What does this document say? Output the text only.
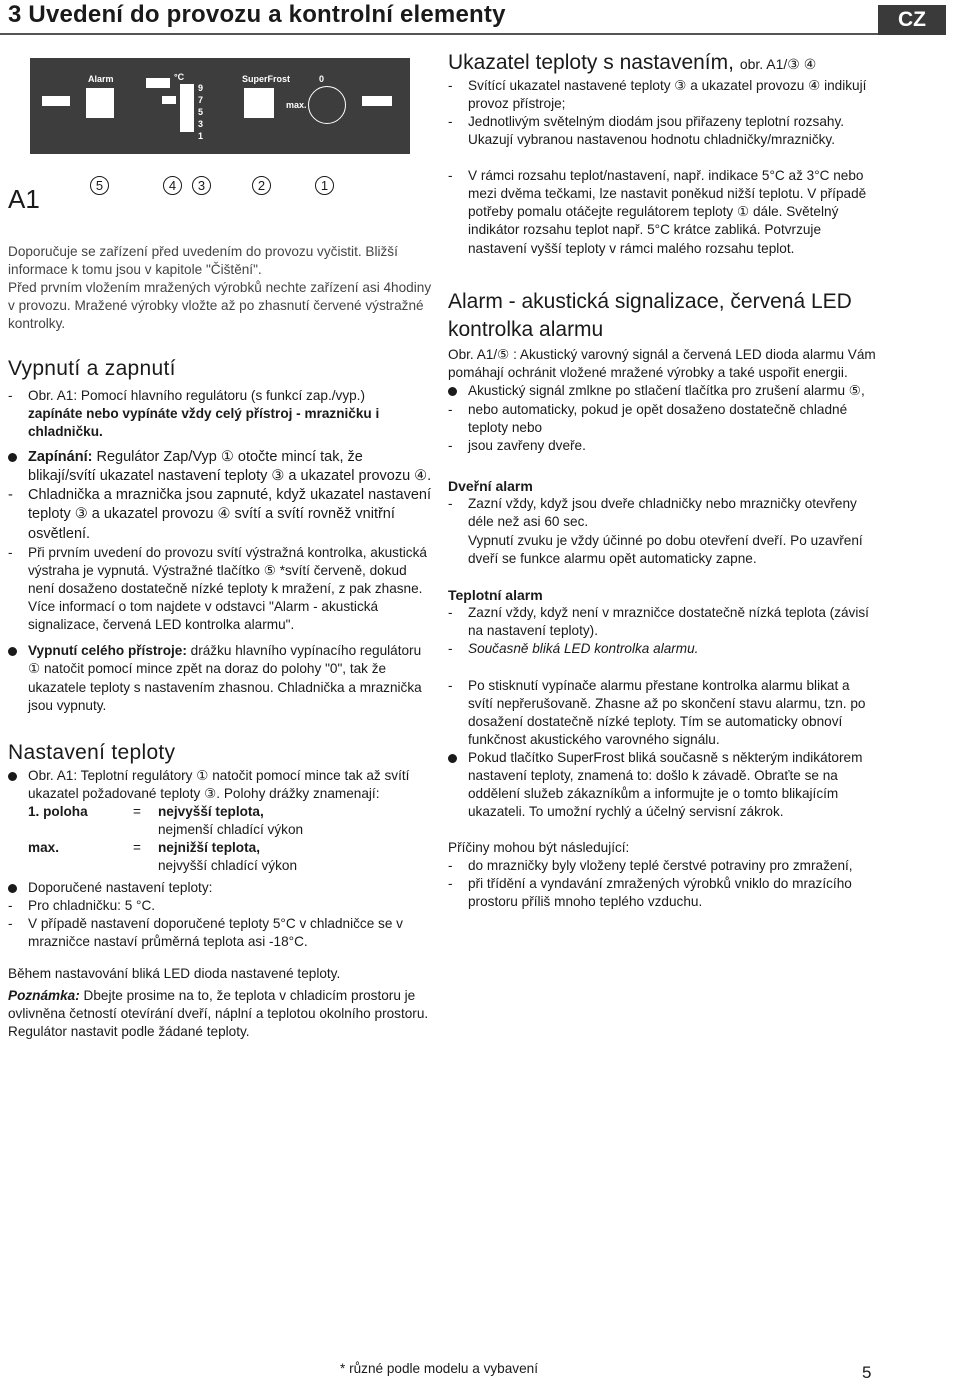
3 Uvedení do provozu a kontrolní elementy	CZ
Alarm	°C
9
7
5
3
1
SuperFrost	0
max.
A1	5	4	3	2	1

Doporučuje se zařízení před uvedením do provozu vyčistit. Bližší informace k tomu jsou v kapitole "Čištění".

Před prvním vložením mražených výrobků nechte zařízení asi 4hodiny v provozu. Mražené výrobky vložte až po zhasnutí červené výstražné kontrolky.

Vypnutí a zapnutí
- Obr. A1: Pomocí hlavního regulátoru (s funkcí zap./vyp.)

zapínáte nebo vypínáte vždy celý přístroj - mrazničku i chladničku.

Zapínání: Regulátor Zap/Vyp ① otočte mincí tak, že blikají/svítí ukazatel nastavení teploty ③ a ukazatel provozu ④.
- Chladnička a mraznička jsou zapnuté, když ukazatel nastavení teploty ③ a ukazatel provozu ④ svítí a svítí rovněž vnitřní osvětlení.
- Při prvním uvedení do provozu svítí výstražná kontrolka, akustická výstraha je vypnutá. Výstražné tlačítko ⑤ *svítí červeně, dokud není dosaženo dostatečně nízké teploty k mražení, z pak zhasne.

Více informací o tom najdete v odstavci "Alarm - akustická signalizace, červená LED kontrolka alarmu".

Vypnutí celého přístroje: drážku hlavního vypínacího regulátoru ① natočit pomocí mince zpět na doraz do polohy "0", tak že ukazatele teploty s nastavením zhasnou. Chladnička a mraznička jsou vypnuty.
Nastavení teploty
Obr. A1: Teplotní regulátory ① natočit pomocí mince tak až svítí ukazatel požadované teploty ③. Polohy drážky znamenají:
1. poloha	= nejvyšší teplota,
nejmenší chladící výkon
max.	= nejnižší teplota,
nejvyšší chladící výkon
Doporučené nastavení teploty:
- Pro chladničku: 5 °C.
- V případě nastavení doporučené teploty 5°C v chladničce se v mrazničce nastaví průměrná teplota asi -18°C.

Během nastavování bliká LED dioda nastavené teploty.

Poznámka: Dbejte prosime na to, že teplota v chladicím prostoru je ovlivněna četností otevírání dveří, náplní a teplotou okolního prostoru.

Regulátor nastavit podle žádané teploty.

Ukazatel teploty s nastavením, obr. A1/③ ④
- Svítící ukazatel nastavené teploty ③ a ukazatel provozu ④ indikují provoz přístroje;
- Jednotlivým světelným diodám jsou přiřazeny teplotní rozsahy. Ukazují vybranou nastavenou hodnotu chladničky/mrazničky.
- V rámci rozsahu teplot/nastavení, např. indikace 5°C až 3°C nebo mezi dvěma tečkami, lze nastavit poněkud nižší teplotu. V případě potřeby pomalu otáčejte regulátorem teploty ① dále. Světelný indikátor rozsahu teplot např. 5°C krátce zabliká. Potvrzuje nastavení vyšší teploty v rámci malého rozsahu teplot.
Alarm - akustická signalizace, červená LED kontrolka alarmu

Obr. A1/⑤ : Akustický varovný signál a červená LED dioda alarmu Vám pomáhají ochránit vložené mražené výrobky a také uspořit energii.

Akustický signál zmlkne po stlačení tlačítka pro zrušení alarmu ⑤,
- nebo automaticky, pokud je opět dosaženo dostatečně chladné teploty nebo
- jsou zavřeny dveře.

Dveřní alarm

- Zazní vždy, když jsou dveře chladničky nebo mrazničky otevřeny déle než asi 60 sec.

Vypnutí zvuku je vždy účinné po dobu otevření dveří. Po uzavření dveří se funkce alarmu opět automaticky zapne.

Teplotní alarm

- Zazní vždy, když není v mrazničce dostatečně nízká teplota (závisí na nastavení teploty).
- Současně bliká LED kontrolka alarmu.
- Po stisknutí vypínače alarmu přestane kontrolka alarmu blikat a svítí nepřerušovaně. Zhasne až po skončení stavu alarmu, tzn. po dosažení dostatečně nízké teploty. Tím se automaticky obnoví funkčnost akustického varovného signálu.
Pokud tlačítko SuperFrost bliká současně s některým indikátorem nastavení teploty, znamená to: došlo k závadě. Obraťte se na oddělení služeb zákazníkům a informujte je o tomto blikajícím ukazateli. To umožní rychlý a účelný servisní zákrok.

Příčiny mohou být následující:

- do mrazničky byly vloženy teplé čerstvé potraviny pro zmražení,
- při třídění a vyndavání zmražených výrobků vniklo do mrazícího prostoru příliš mnoho teplého vzduchu.
* různé podle modelu a vybavení	5
